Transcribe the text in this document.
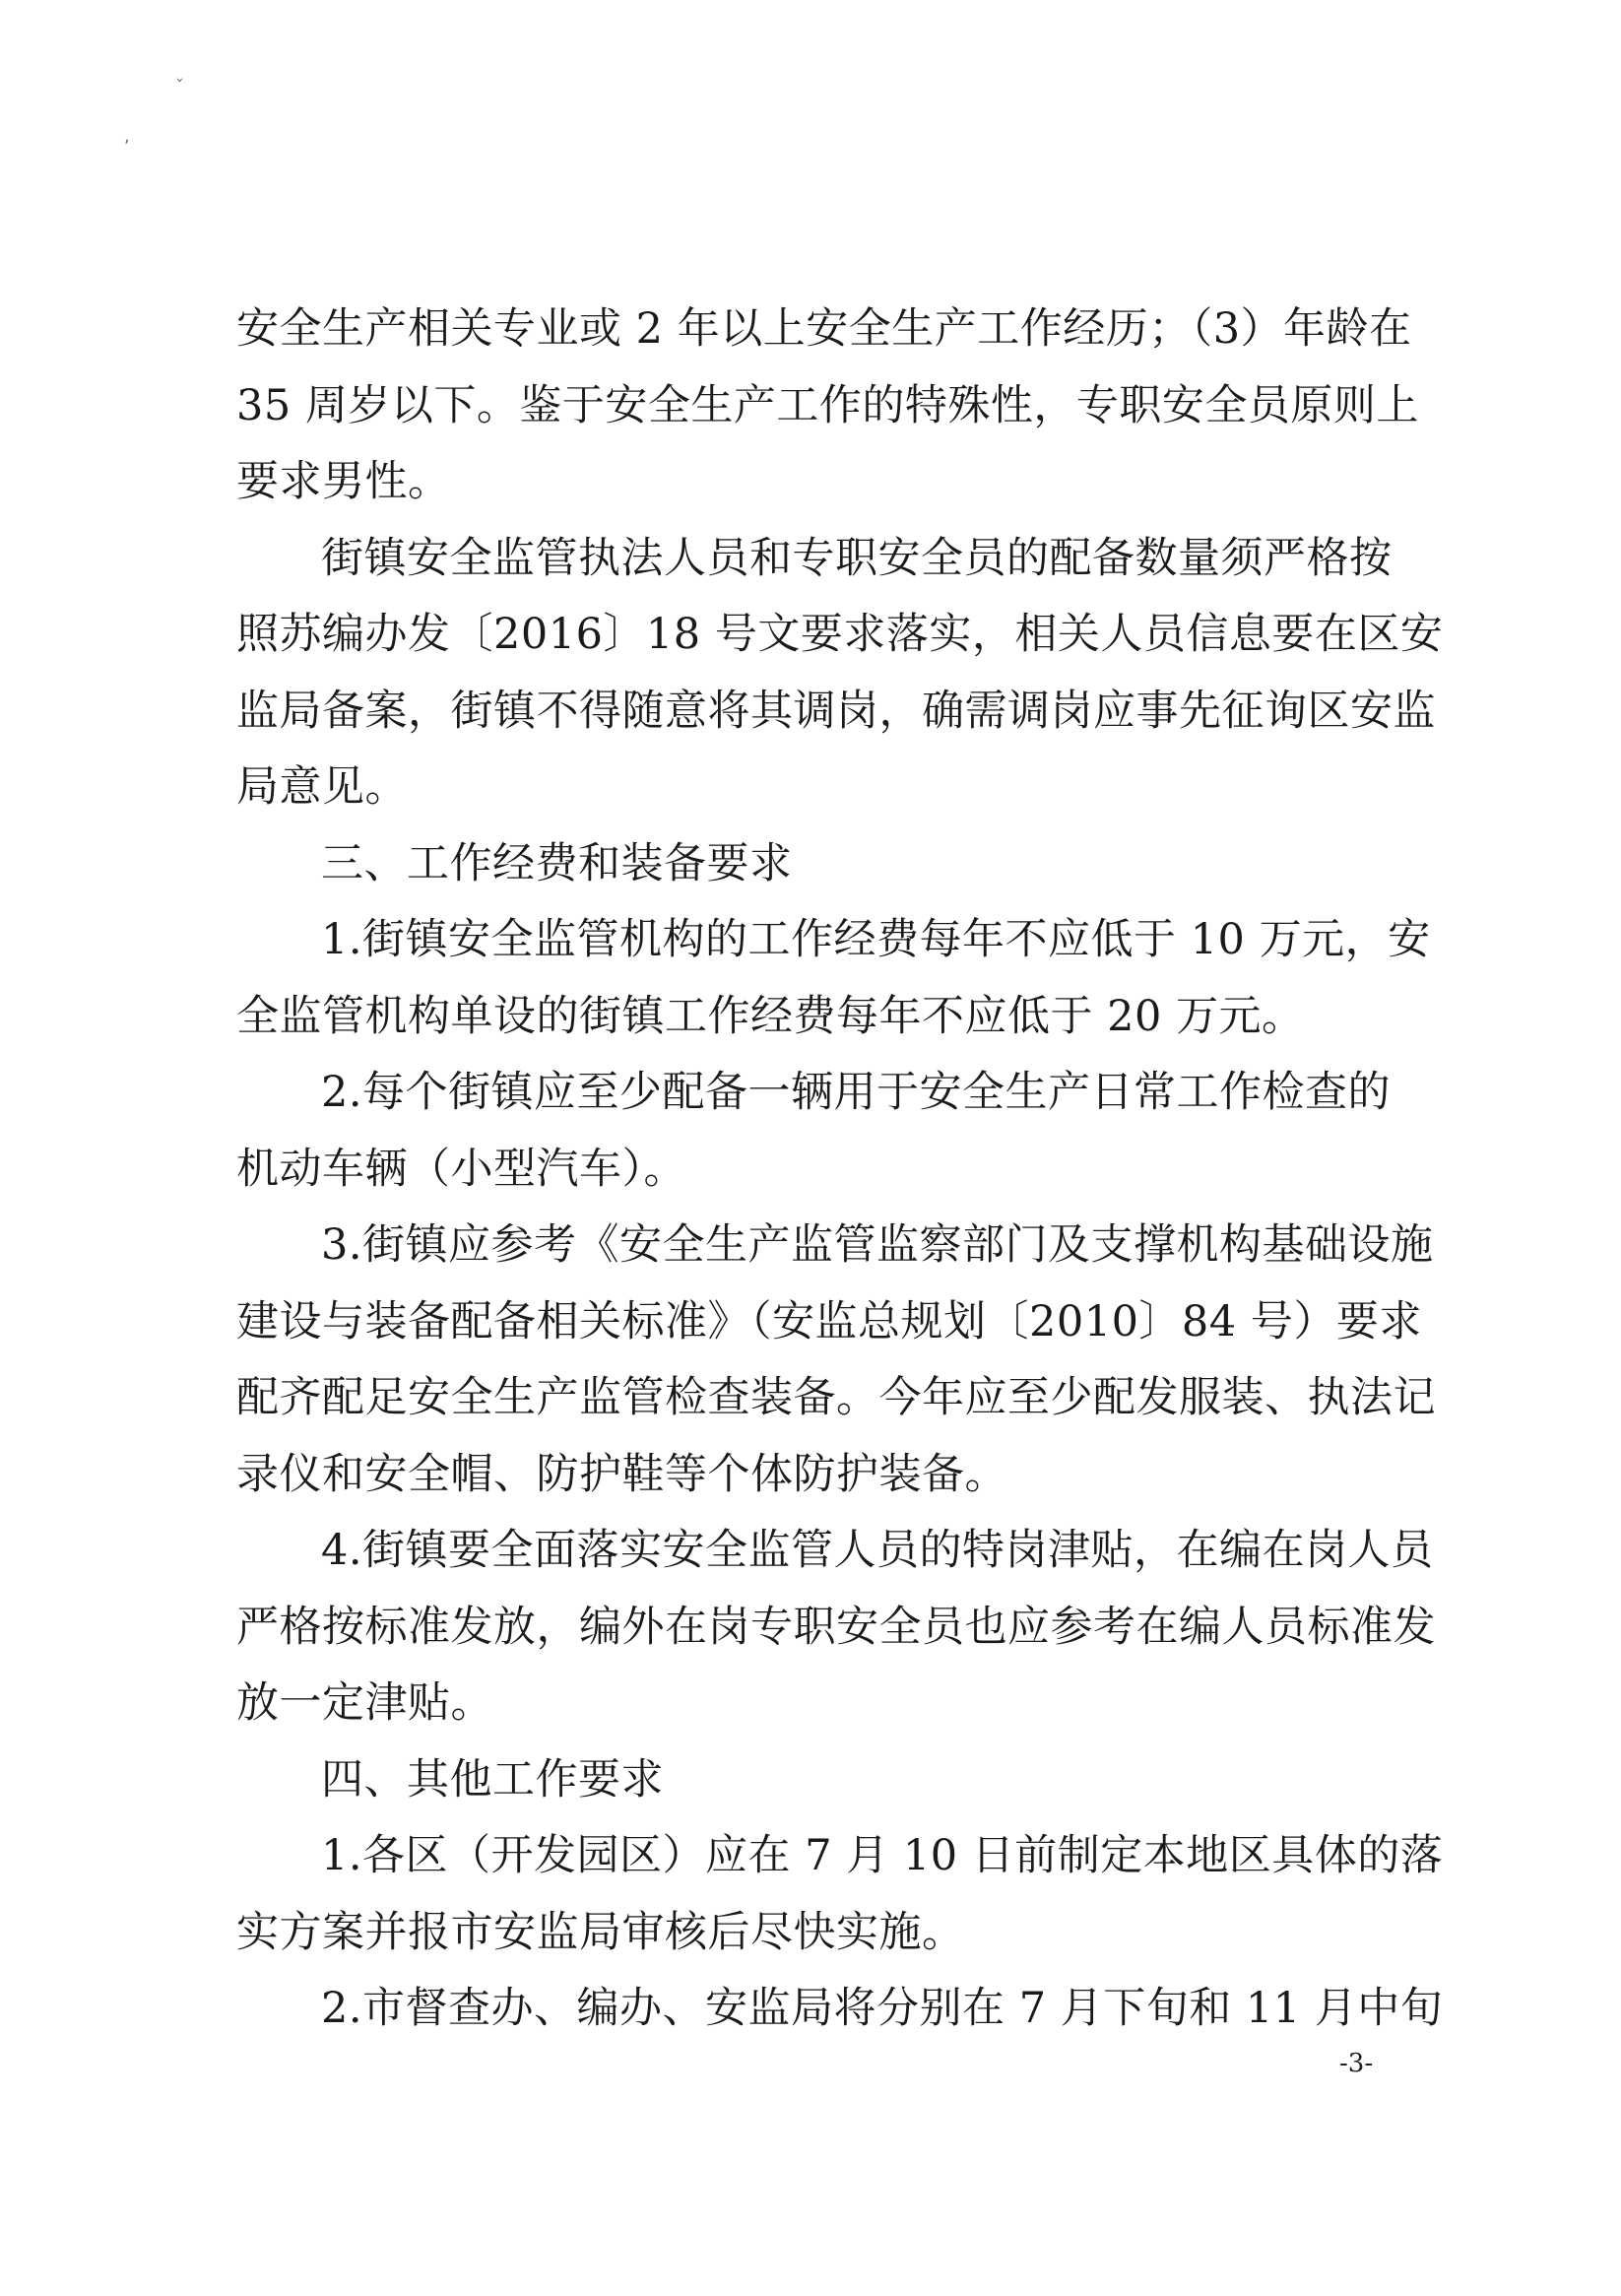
ˇ
,
安全生产相关专业或 2 年以上安全生产工作经历；（3）年龄在
35 周岁以下。鉴于安全生产工作的特殊性，专职安全员原则上
要求男性。
街镇安全监管执法人员和专职安全员的配备数量须严格按
照苏编办发〔2016〕18 号文要求落实，相关人员信息要在区安
监局备案，街镇不得随意将其调岗，确需调岗应事先征询区安监
局意见。
三、工作经费和装备要求
1.街镇安全监管机构的工作经费每年不应低于 10 万元，安
全监管机构单设的街镇工作经费每年不应低于 20 万元。
2.每个街镇应至少配备一辆用于安全生产日常工作检查的
机动车辆（小型汽车）。
3.街镇应参考《安全生产监管监察部门及支撑机构基础设施
建设与装备配备相关标准》（安监总规划〔2010〕84 号）要求
配齐配足安全生产监管检查装备。今年应至少配发服装、执法记
录仪和安全帽、防护鞋等个体防护装备。
4.街镇要全面落实安全监管人员的特岗津贴，在编在岗人员
严格按标准发放，编外在岗专职安全员也应参考在编人员标准发
放一定津贴。
四、其他工作要求
1.各区（开发园区）应在 7 月 10 日前制定本地区具体的落
实方案并报市安监局审核后尽快实施。
2.市督查办、编办、安监局将分别在 7 月下旬和 11 月中旬
-3-
